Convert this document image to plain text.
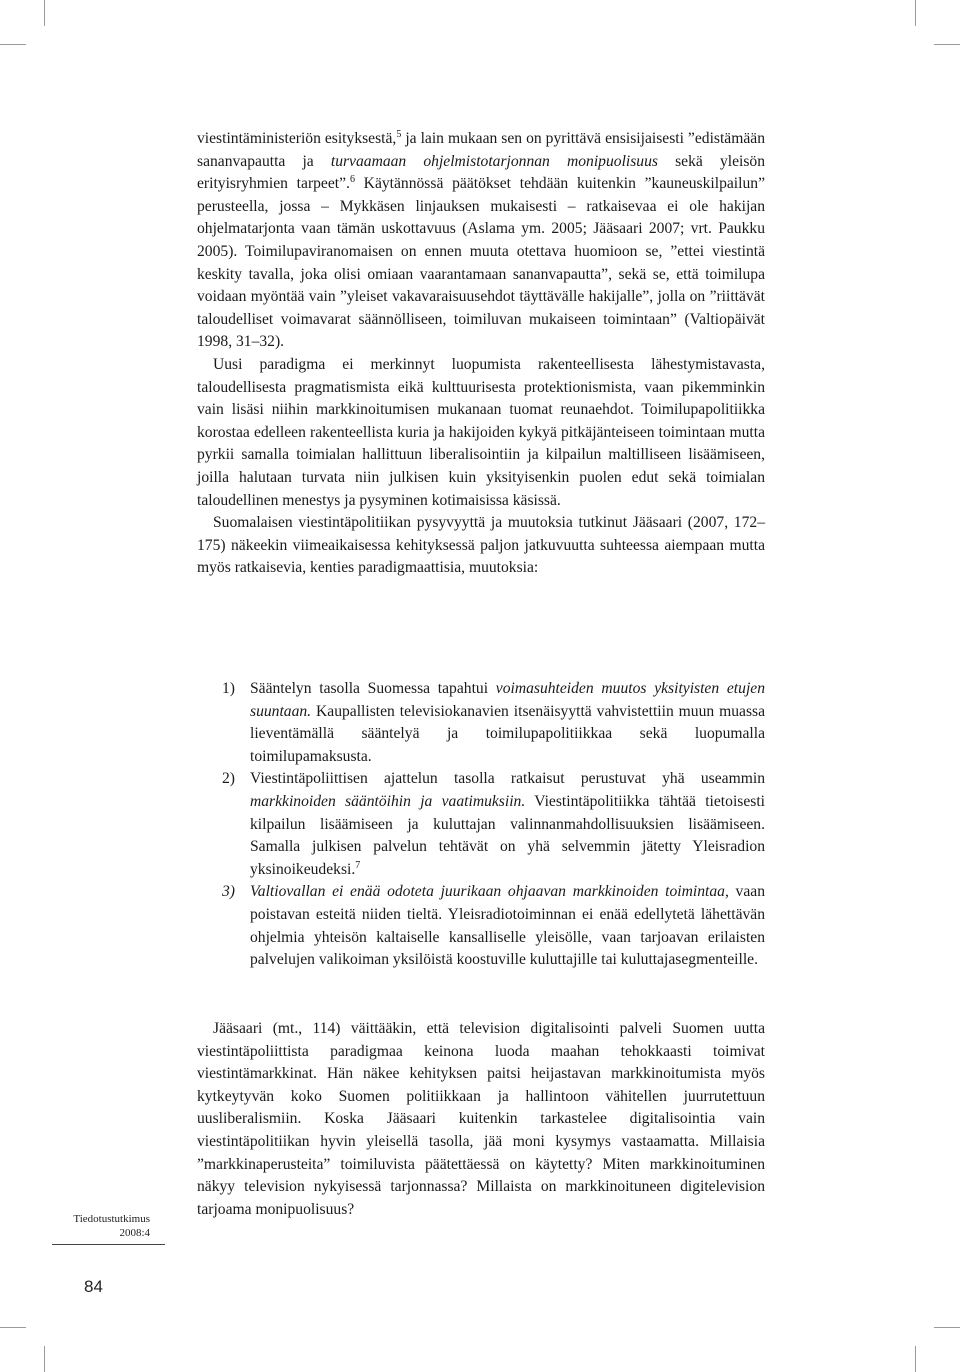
viestintäministeriön esityksestä,$^5$ ja lain mukaan sen on pyrittävä ensisijaisesti ”edistämään sananvapautta ja turvaamaan ohjelmistotarjonnan monipuolisuus sekä yleisön erityisryhmien tarpeet”.$^6$ Käytännössä päätökset tehdään kuitenkin ”kauneuskilpailun” perusteella, jossa – Mykkäsen linjauksen mukaisesti – ratkaisevaa ei ole hakijan ohjelmatarjonta vaan tämän uskottavuus (Aslama ym. 2005; Jääsaari 2007; vrt. Paukku 2005). Toimilupaviranomaisen on ennen muuta otettava huomioon se, ”ettei viestintä keskity tavalla, joka olisi omiaan vaarantamaan sananvapautta”, sekä se, että toimilupa voidaan myöntää vain ”yleiset vakavaraisuusehdot täyttävälle hakijalle”, jolla on ”riittävät taloudelliset voimavarat säännölliseen, toimiluvan mukaiseen toimintaan” (Valtiopäivät 1998, 31–32).

Uusi paradigma ei merkinnyt luopumista rakenteellisesta lähestymistavasta, taloudellisesta pragmatismista eikä kulttuurisesta protektionismista, vaan pikemminkin vain lisäsi niihin markkinoitumisen mukanaan tuomat reunaehdot. Toimilupapolitiikka korostaa edelleen rakenteellista kuria ja hakijoiden kykyä pitkäjänteiseen toimintaan mutta pyrkii samalla toimialan hallittuun liberalisointiin ja kilpailun maltilliseen lisäämiseen, joilla halutaan turvata niin julkisen kuin yksityisenkin puolen edut sekä toimialan taloudellinen menestys ja pysyminen kotimaisissa käsissä.

Suomalaisen viestintäpolitiikan pysyvyyttä ja muutoksia tutkinut Jääsaari (2007, 172–175) näkeekin viimeaikaisessa kehityksessä paljon jatkuvuutta suhteessa aiempaan mutta myös ratkaisevia, kenties paradigmaattisia, muutoksia:

1) Sääntelyn tasolla Suomessa tapahtui voimasuhteiden muutos yksityisten etujen suuntaan. Kaupallisten televisiokanavien itsenäisyyttä vahvistettiin muun muassa lieventämällä sääntelyä ja toimilupapolitiikkaa sekä luopumalla toimilupamaksusta.
2) Viestintäpoliittisen ajattelun tasolla ratkaisut perustuvat yhä useammin markkinoiden sääntöihin ja vaatimuksiin. Viestintäpolitiikka tähtää tietoisesti kilpailun lisäämiseen ja kuluttajan valinnanmahdollisuuksien lisäämiseen. Samalla julkisen palvelun tehtävät on yhä selvemmin jätetty Yleisradion yksinoikeudeksi.$^7$
3) Valtiovallan ei enää odoteta juurikaan ohjaavan markkinoiden toimintaa, vaan poistavan esteitä niiden tieltä. Yleisradiotoiminnan ei enää edellytetä lähettävän ohjelmia yhteisön kaltaiselle kansalliselle yleisölle, vaan tarjoavan erilaisten palvelujen valikoiman yksilöistä koostuville kuluttajille tai kuluttajasegmenteille.

Jääsaari (mt., 114) väittääkin, että television digitalisointi palveli Suomen uutta viestintäpoliittista paradigmaa keinona luoda maahan tehokkaasti toimivat viestintämarkkinat. Hän näkee kehityksen paitsi heijastavan markkinoitumista myös kytkeytyvän koko Suomen politiikkaan ja hallintoon vähitellen juurrutettuun uusliberalismiin. Koska Jääsaari kuitenkin tarkastelee digitalisointia vain viestintäpolitiikan hyvin yleisellä tasolla, jää moni kysymys vastaamatta. Millaisia ”markkinaperusteita” toimiluvista päätettäessä on käytetty? Miten markkinoituminen näkyy television nykyisessä tarjonnassa? Millaista on markkinoituneen digitelevision tarjoama monipuolisuus?

Tiedotustutkimus
2008:4
84
